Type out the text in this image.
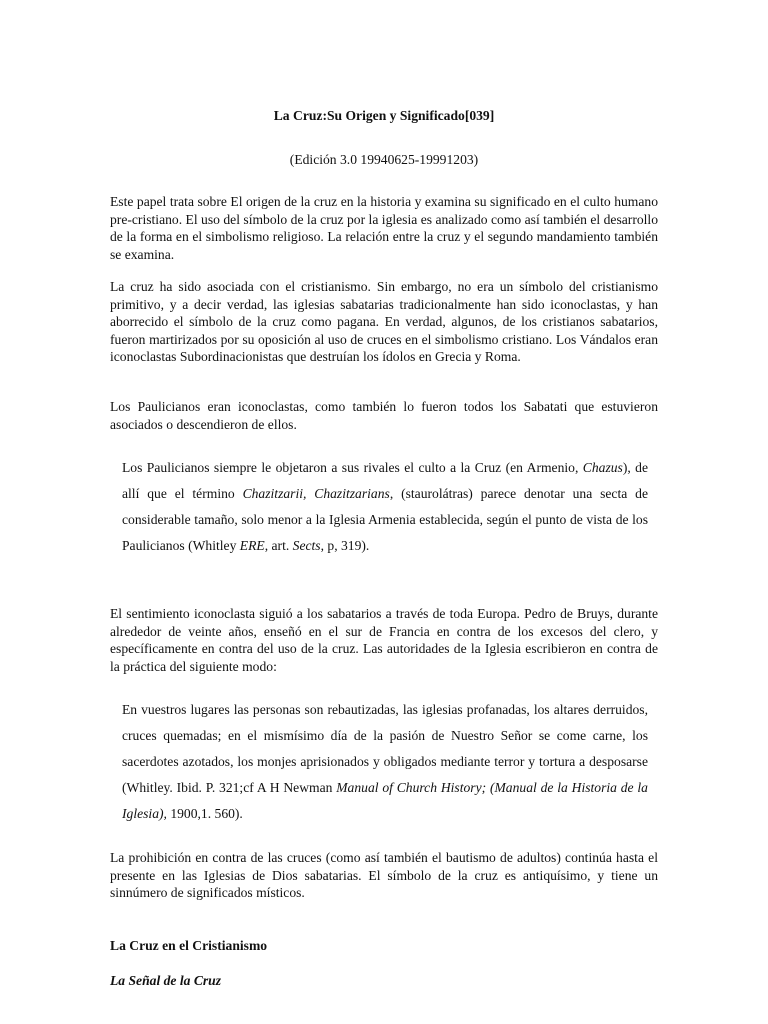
La Cruz:Su Origen y Significado[039]
(Edición 3.0 19940625-19991203)

Este papel trata sobre El origen de la cruz en la historia y examina su significado en el culto humano pre-cristiano. El uso del símbolo de la cruz por la iglesia es analizado como así también el desarrollo de la forma en el simbolismo religioso. La relación entre la cruz y el segundo mandamiento también se examina.

La cruz ha sido asociada con el cristianismo. Sin embargo, no era un símbolo del cristianismo primitivo, y a decir verdad, las iglesias sabatarias tradicionalmente han sido iconoclastas, y han aborrecido el símbolo de la cruz como pagana. En verdad, algunos, de los cristianos sabatarios, fueron martirizados por su oposición al uso de cruces en el simbolismo cristiano. Los Vándalos eran iconoclastas Subordinacionistas que destruían los ídolos en Grecia y Roma.

Los Paulicianos eran iconoclastas, como también lo fueron todos los Sabatati que estuvieron asociados o descendieron de ellos.

Los Paulicianos siempre le objetaron a sus rivales el culto a la Cruz (en Armenio, Chazus), de allí que el término Chazitzarii, Chazitzarians, (staurolátras) parece denotar una secta de considerable tamaño, solo menor a la Iglesia Armenia establecida, según el punto de vista de los Paulicianos (Whitley ERE, art. Sects, p, 319).

El sentimiento iconoclasta siguió a los sabatarios a través de toda Europa. Pedro de Bruys, durante alrededor de veinte años, enseñó en el sur de Francia en contra de los excesos del clero, y específicamente en contra del uso de la cruz. Las autoridades de la Iglesia escribieron en contra de la práctica del siguiente modo:

En vuestros lugares las personas son rebautizadas, las iglesias profanadas, los altares derruidos, cruces quemadas; en el mismísimo día de la pasión de Nuestro Señor se come carne, los sacerdotes azotados, los monjes aprisionados y obligados mediante terror y tortura a desposarse (Whitley. Ibid. P. 321;cf A H Newman Manual of Church History; (Manual de la Historia de la Iglesia), 1900,1. 560).

La prohibición en contra de las cruces (como así también el bautismo de adultos) continúa hasta el presente en las Iglesias de Dios sabatarias. El símbolo de la cruz es antiquísimo, y tiene un sinnúmero de significados místicos.

La Cruz en el Cristianismo

La Señal de la Cruz
